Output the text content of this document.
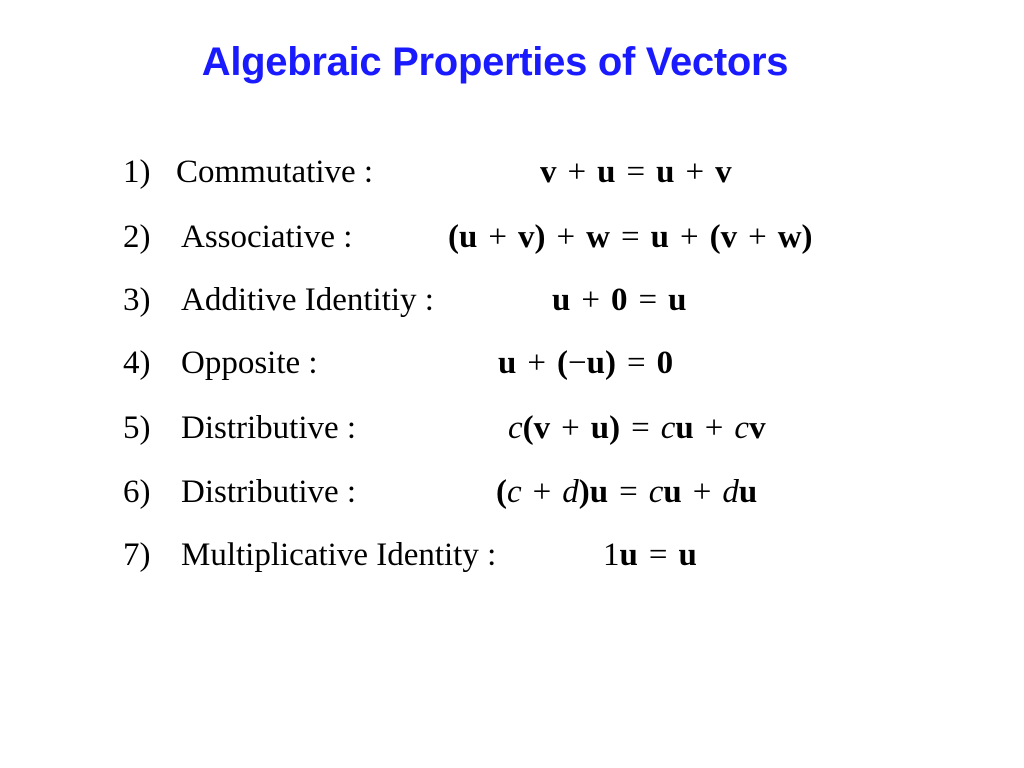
Algebraic Properties of Vectors
1) Commutative :	v + u = u + v
2) Associative :	(u + v) + w = u + (v + w)
3) Additive Identitiy :	u + 0 = u
4) Opposite :	u + (−u) = 0
5) Distributive :	c(v + u) = cu + cv
6) Distributive :	(c + d)u = cu + du
7) Multiplicative Identity :	1u = u
